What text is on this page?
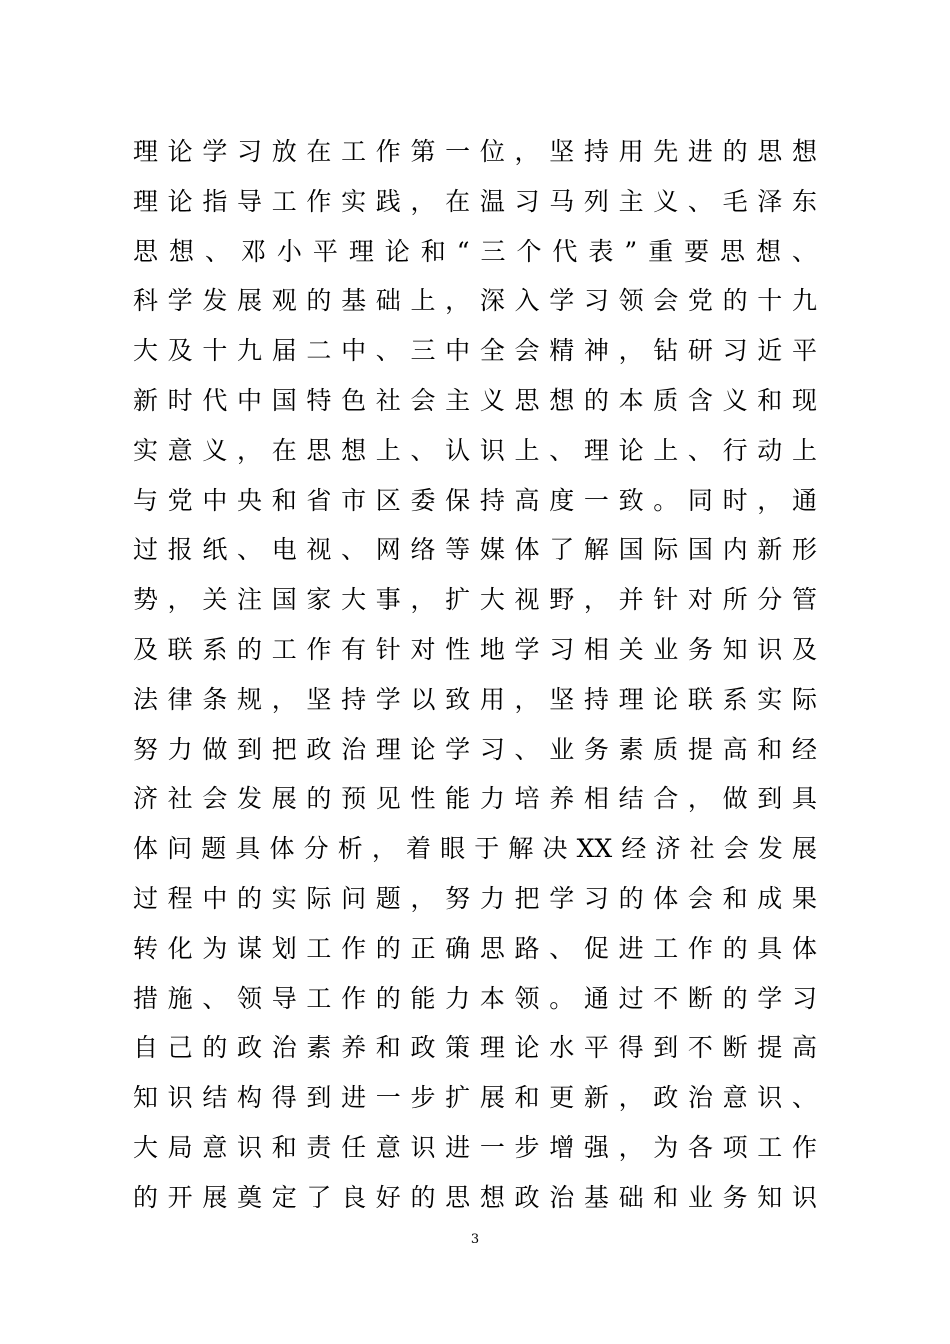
理论学习放在工作第一位，坚持用先进的思想
理论指导工作实践，在温习马列主义、毛泽东
思想、邓小平理论和“三个代表”重要思想、
科学发展观的基础上，深入学习领会党的十九
大及十九届二中、三中全会精神，钻研习近平
新时代中国特色社会主义思想的本质含义和现
实意义，在思想上、认识上、理论上、行动上
与党中央和省市区委保持高度一致。同时，通
过报纸、电视、网络等媒体了解国际国内新形
势，关注国家大事，扩大视野，并针对所分管
及联系的工作有针对性地学习相关业务知识及
法律条规，坚持学以致用，坚持理论联系实际
努力做到把政治理论学习、业务素质提高和经
济社会发展的预见性能力培养相结合，做到具
体问题具体分析，着眼于解决XX经济社会发展
过程中的实际问题，努力把学习的体会和成果
转化为谋划工作的正确思路、促进工作的具体
措施、领导工作的能力本领。通过不断的学习
自己的政治素养和政策理论水平得到不断提高
知识结构得到进一步扩展和更新，政治意识、
大局意识和责任意识进一步增强，为各项工作
的开展奠定了良好的思想政治基础和业务知识
3
